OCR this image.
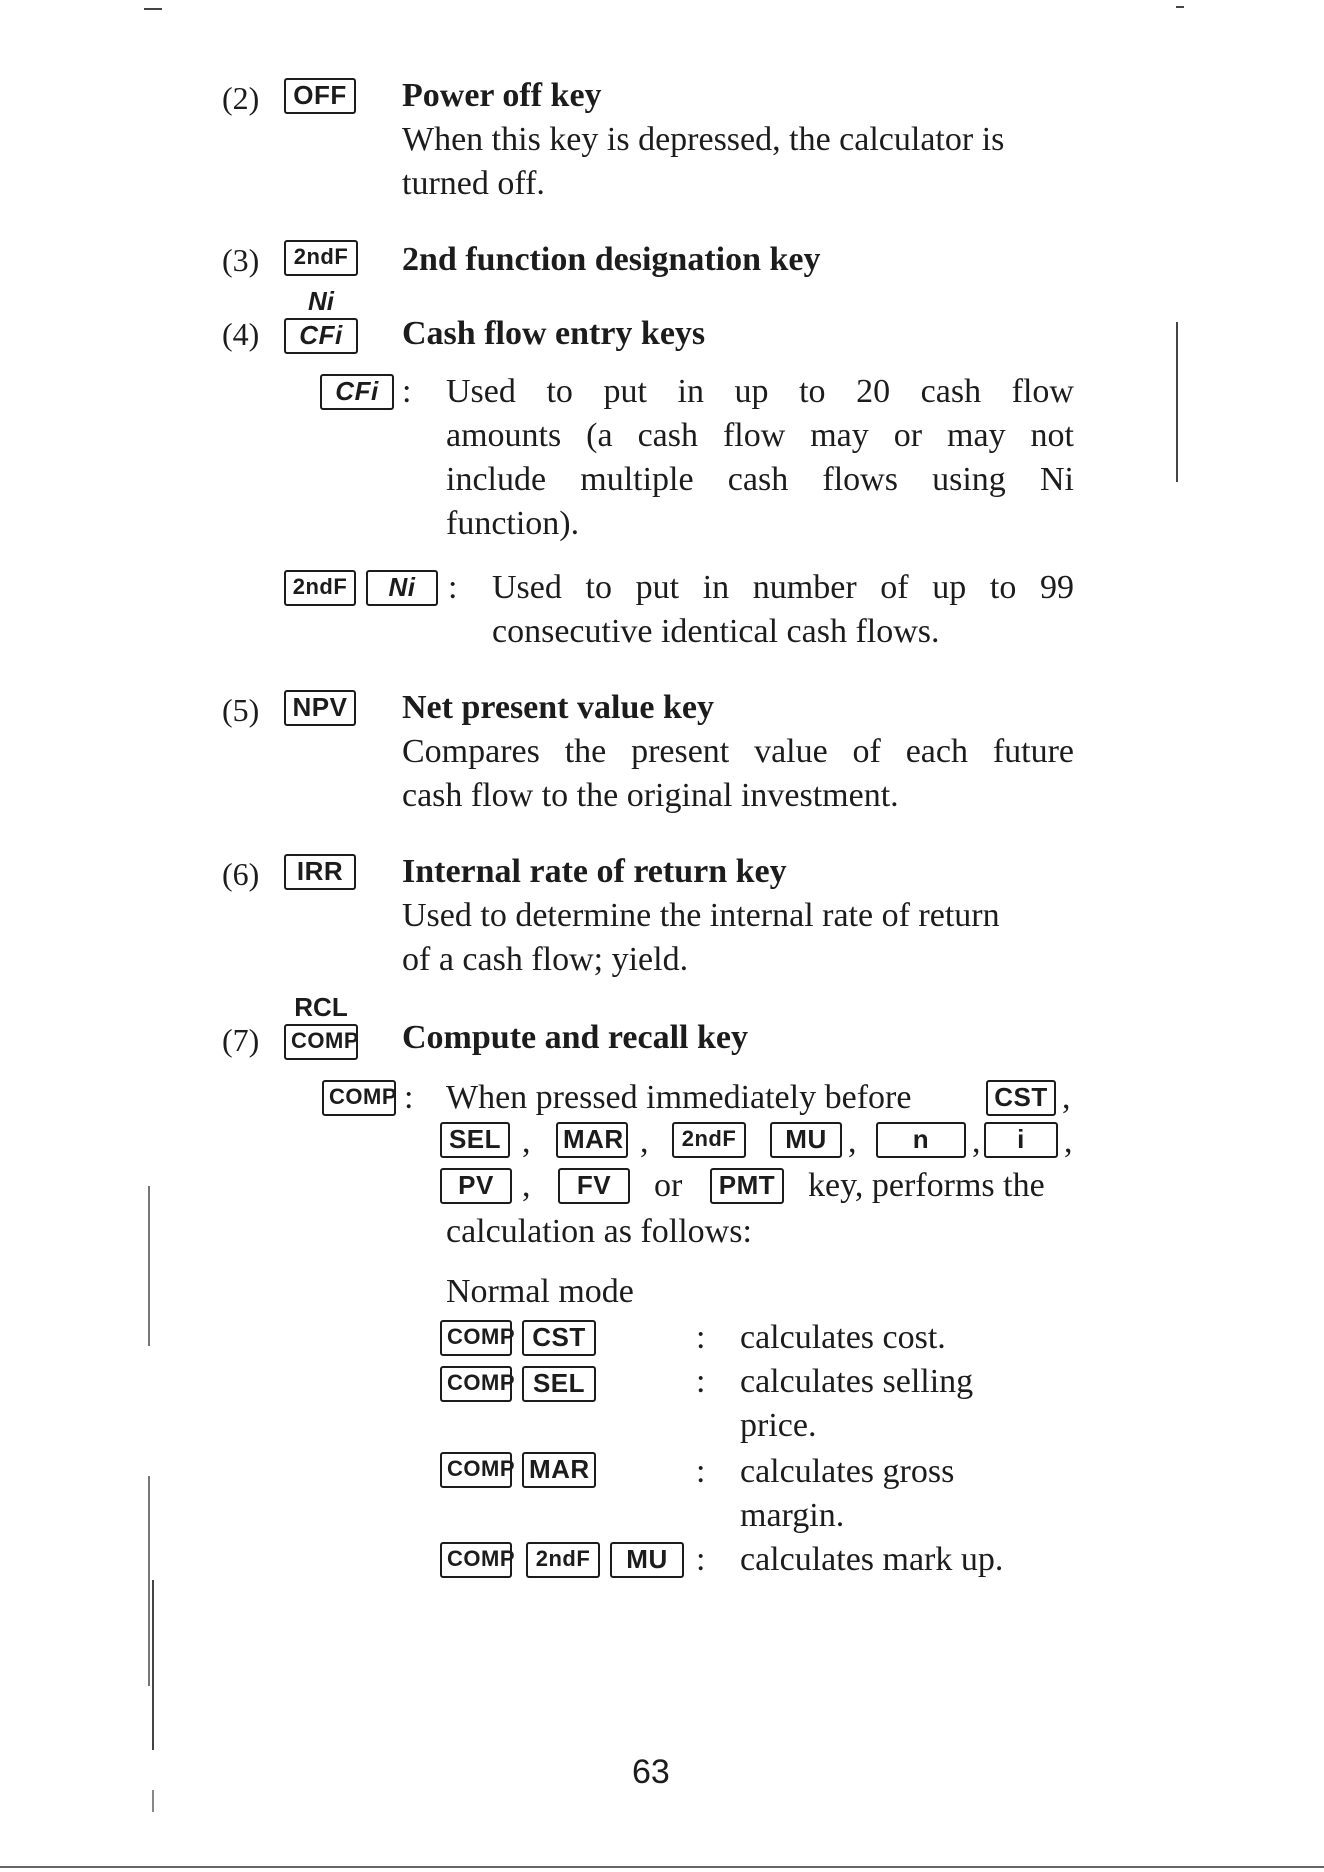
(2)	OFF Power off key
When this key is depressed, the calculator is
turned off.
(3)	2ndF 2nd function designation key
Ni
(4)	CFi	Cash flow entry keys
CFi : Used to put in up to 20 cash flow
amounts (a cash flow may or may not
include multiple cash flows using Ni
function).
2ndF	Ni : Used to put in number of up to 99
consecutive identical cash flows.
(5)	NPV Net present value key
Compares the present value of each future
cash flow to the original investment.
(6)	IRR	Internal rate of return key
Used to determine the internal rate of return
of a cash flow; yield.
RCL
(7)	COMP Compute and recall key
COMP : When pressed immediately before	CST ,
SEL , MAR ,	2ndF	MU ,	n	,	i	,
PV ,	FV	or	PMT key, performs the
calculation as follows:
Normal mode
COMP CST	: calculates cost.
COMP SEL	: calculates selling
price.
COMP MAR	: calculates gross
margin.
COMP 2ndF	MU : calculates mark up.
63
